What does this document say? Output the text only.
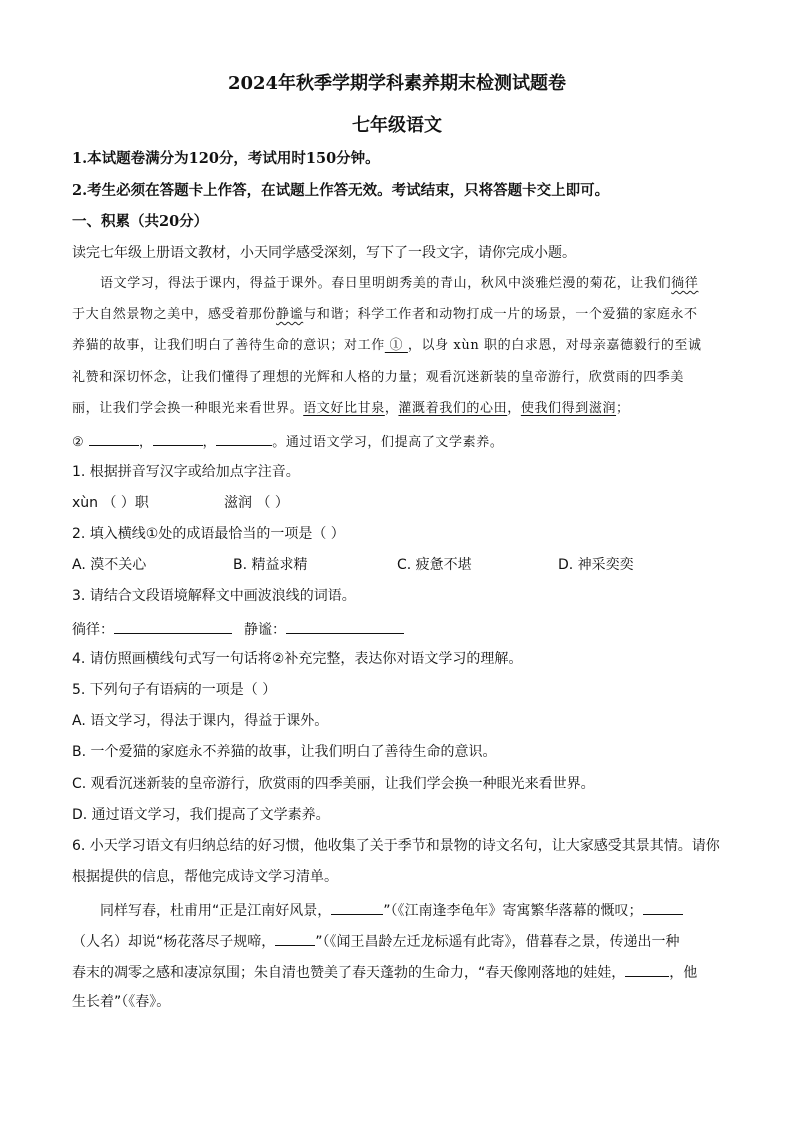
2024年秋季学期学科素养期末检测试题卷
七年级语文
1.本试题卷满分为120分，考试用时150分钟。
2.考生必须在答题卡上作答，在试题上作答无效。考试结束，只将答题卡交上即可。
一、积累（共20分）
读完七年级上册语文教材，小天同学感受深刻，写下了一段文字，请你完成小题。
语文学习，得法于课内，得益于课外。春日里明朗秀美的青山，秋风中淡雅烂漫的菊花，让我们徜徉
于大自然景物之美中，感受着那份静谧与和谐；科学工作者和动物打成一片的场景，一个爱猫的家庭永不
养猫的故事，让我们明白了善待生命的意识；对工作 ① ，以身 xùn 职的白求恩，对母亲嘉德毅行的至诚
礼赞和深切怀念，让我们懂得了理想的光辉和人格的力量；观看沉迷新装的皇帝游行，欣赏雨的四季美
丽，让我们学会换一种眼光来看世界。语文好比甘泉，灌溉着我们的心田，使我们得到滋润；
②	，	，	。通过语文学习，们提高了文学素养。
1. 根据拼音写汉字或给加点字注音。
xùn （ ）职	滋润 （ ）
2. 填入横线①处的成语最恰当的一项是（ ）
A. 漠不关心	B. 精益求精	C. 疲惫不堪	D. 神采奕奕
3. 请结合文段语境解释文中画波浪线的词语。
徜徉：	静谧：
4. 请仿照画横线句式写一句话将②补充完整，表达你对语文学习的理解。
5. 下列句子有语病的一项是（ ）
A. 语文学习，得法于课内，得益于课外。
B. 一个爱猫的家庭永不养猫的故事，让我们明白了善待生命的意识。
C. 观看沉迷新装的皇帝游行，欣赏雨的四季美丽，让我们学会换一种眼光来看世界。
D. 通过语文学习，我们提高了文学素养。
6. 小天学习语文有归纳总结的好习惯，他收集了关于季节和景物的诗文名句，让大家感受其景其情。请你
根据提供的信息，帮他完成诗文学习清单。
同样写春，杜甫用“正是江南好风景，	”（《江南逢李龟年》寄寓繁华落幕的慨叹；
（人名）却说“杨花落尽子规啼，	”（《闻王昌龄左迁龙标遥有此寄》，借暮春之景，传递出一种
春末的凋零之感和凄凉氛围；朱自清也赞美了春天蓬勃的生命力，“春天像刚落地的娃娃，	，他
生长着”（《春》。
